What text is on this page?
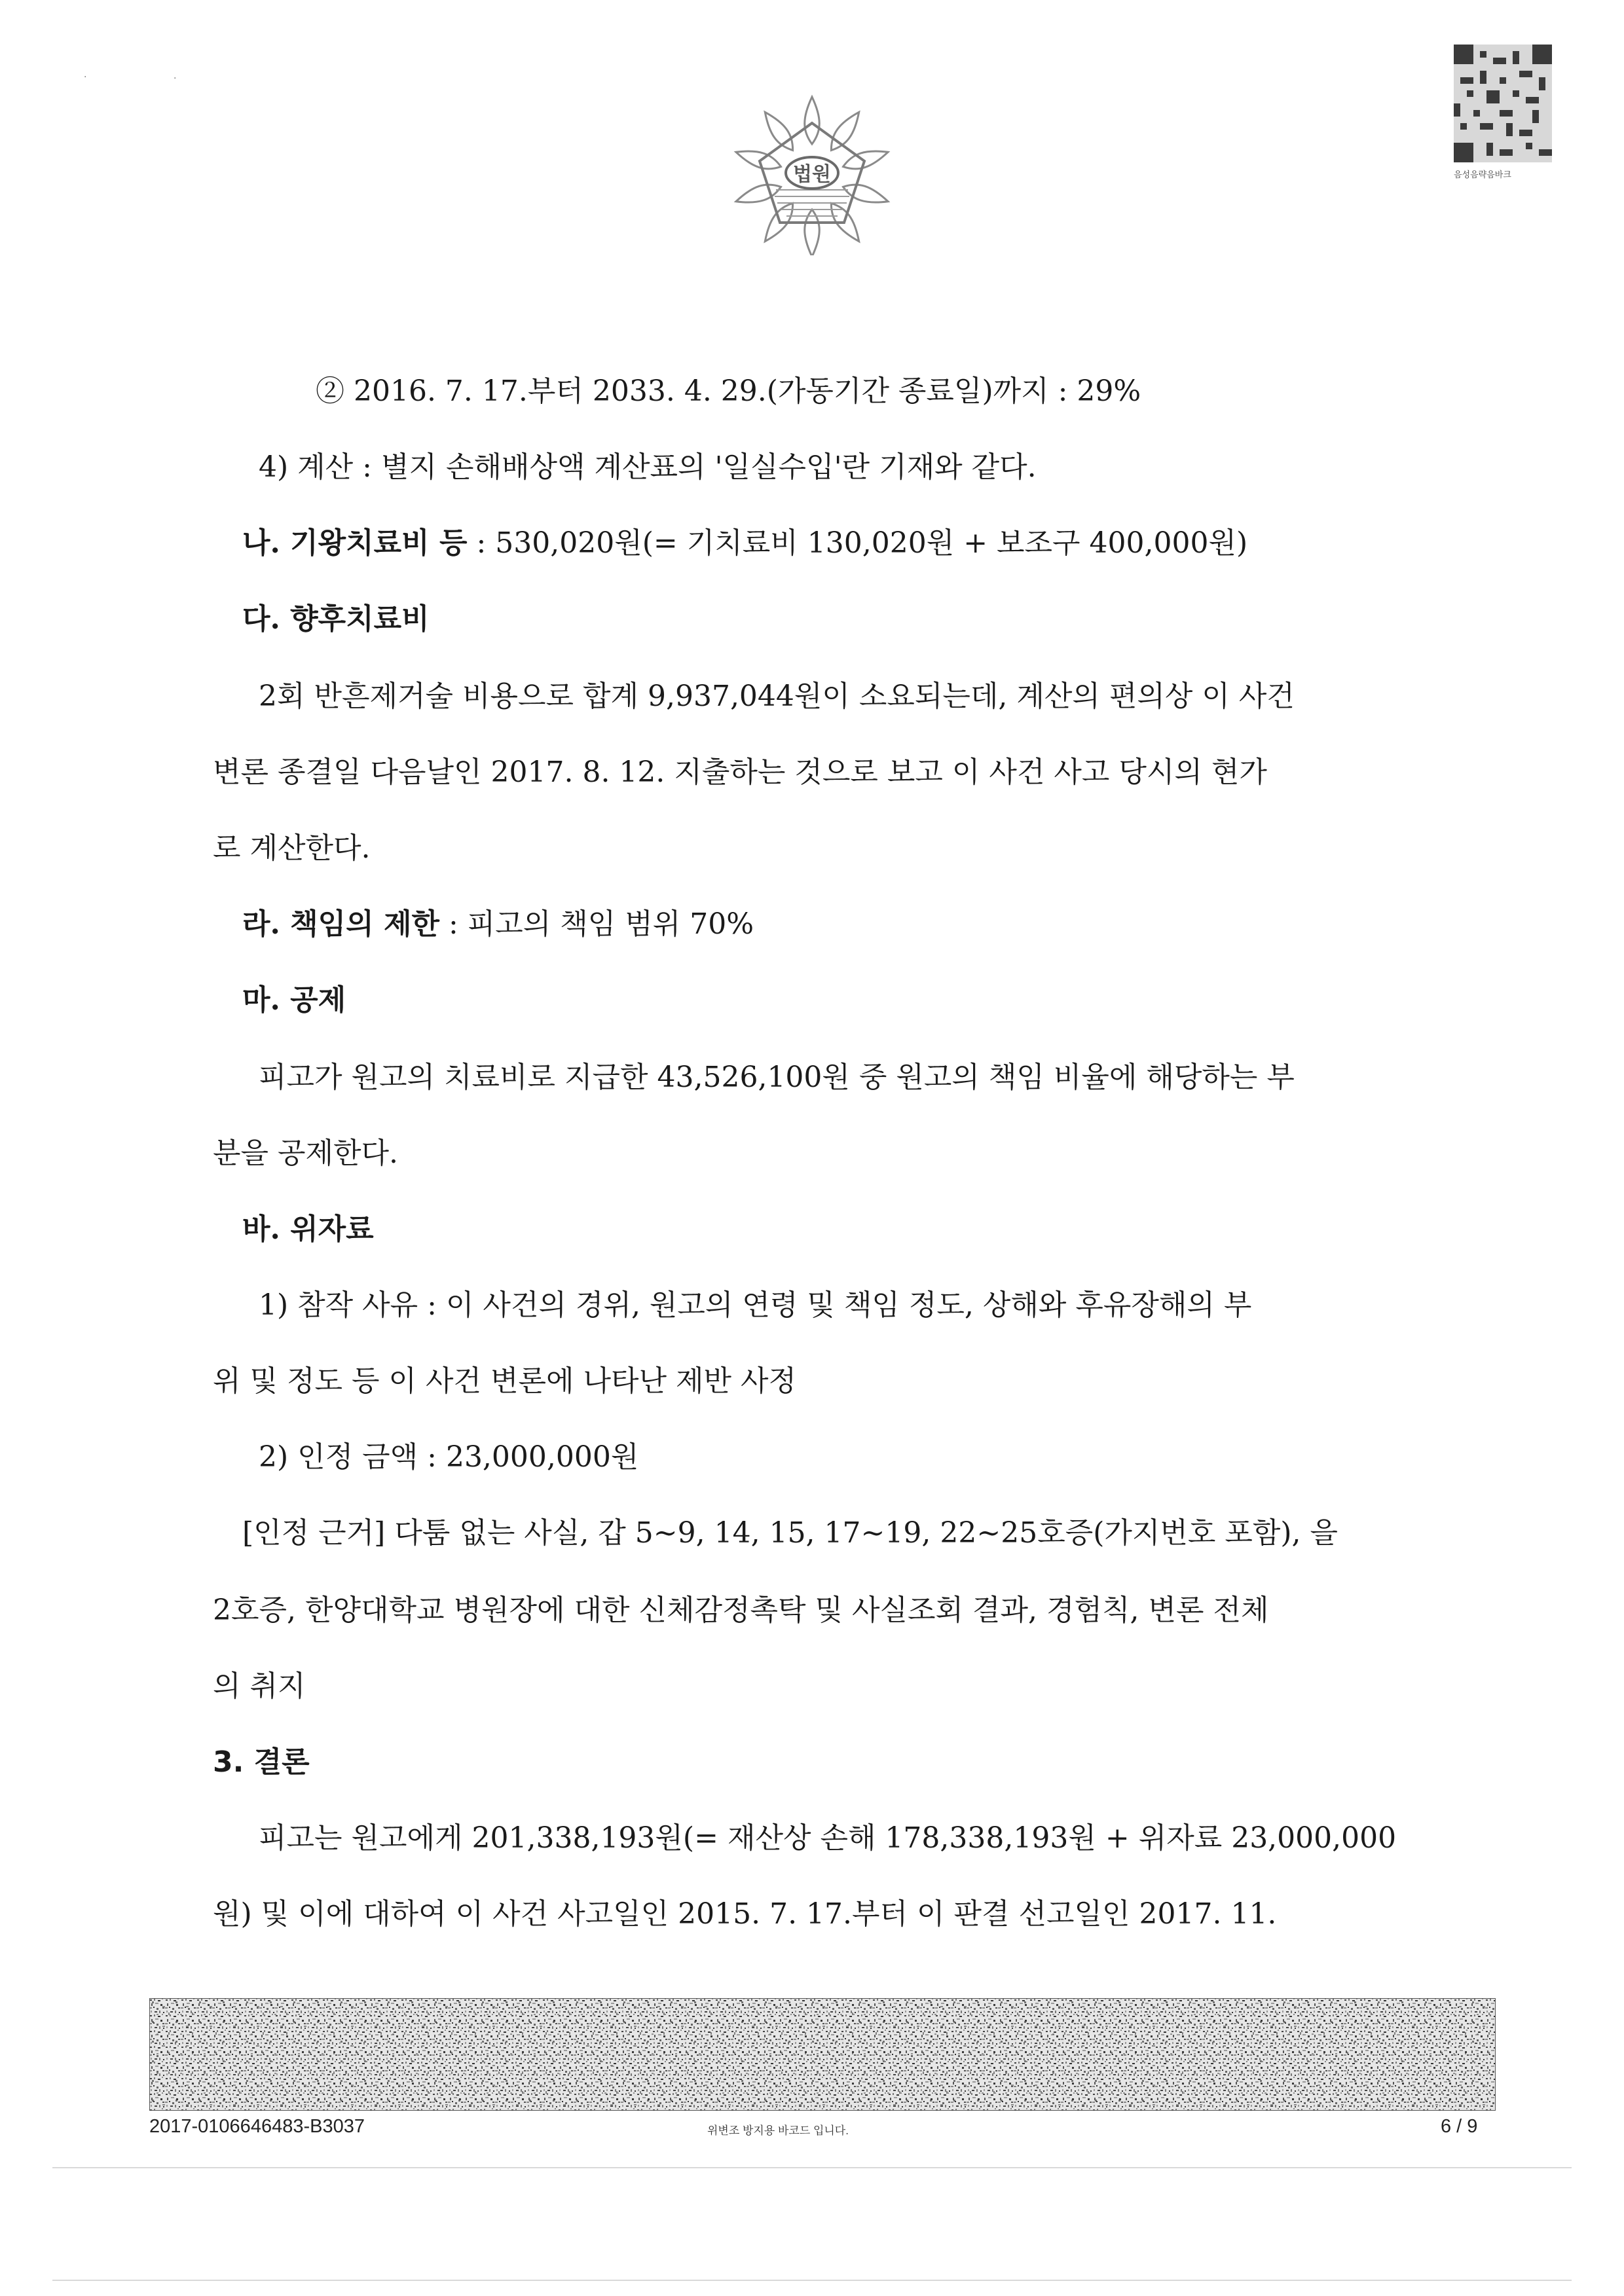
·	·
법원	음성음략음바크
② 2016. 7. 17.부터 2033. 4. 29.(가동기간 종료일)까지 : 29%
4) 계산 : 별지 손해배상액 계산표의 '일실수입'란 기재와 같다.
나. 기왕치료비 등 : 530,020원(= 기치료비 130,020원 + 보조구 400,000원)
다. 향후치료비
2회 반흔제거술 비용으로 합계 9,937,044원이 소요되는데, 계산의 편의상 이 사건
변론 종결일 다음날인 2017. 8. 12. 지출하는 것으로 보고 이 사건 사고 당시의 현가
로 계산한다.
라. 책임의 제한 : 피고의 책임 범위 70%
마. 공제
피고가 원고의 치료비로 지급한 43,526,100원 중 원고의 책임 비율에 해당하는 부
분을 공제한다.
바. 위자료
1) 참작 사유 : 이 사건의 경위, 원고의 연령 및 책임 정도, 상해와 후유장해의 부
위 및 정도 등 이 사건 변론에 나타난 제반 사정
2) 인정 금액 : 23,000,000원
[인정 근거] 다툼 없는 사실, 갑 5~9, 14, 15, 17~19, 22~25호증(가지번호 포함), 을
2호증, 한양대학교 병원장에 대한 신체감정촉탁 및 사실조회 결과, 경험칙, 변론 전체
의 취지
3. 결론
피고는 원고에게 201,338,193원(= 재산상 손해 178,338,193원 + 위자료 23,000,000
원) 및 이에 대하여 이 사건 사고일인 2015. 7. 17.부터 이 판결 선고일인 2017. 11.
2017-0106646483-B3037	위변조 방지용 바코드 입니다.	6 / 9
